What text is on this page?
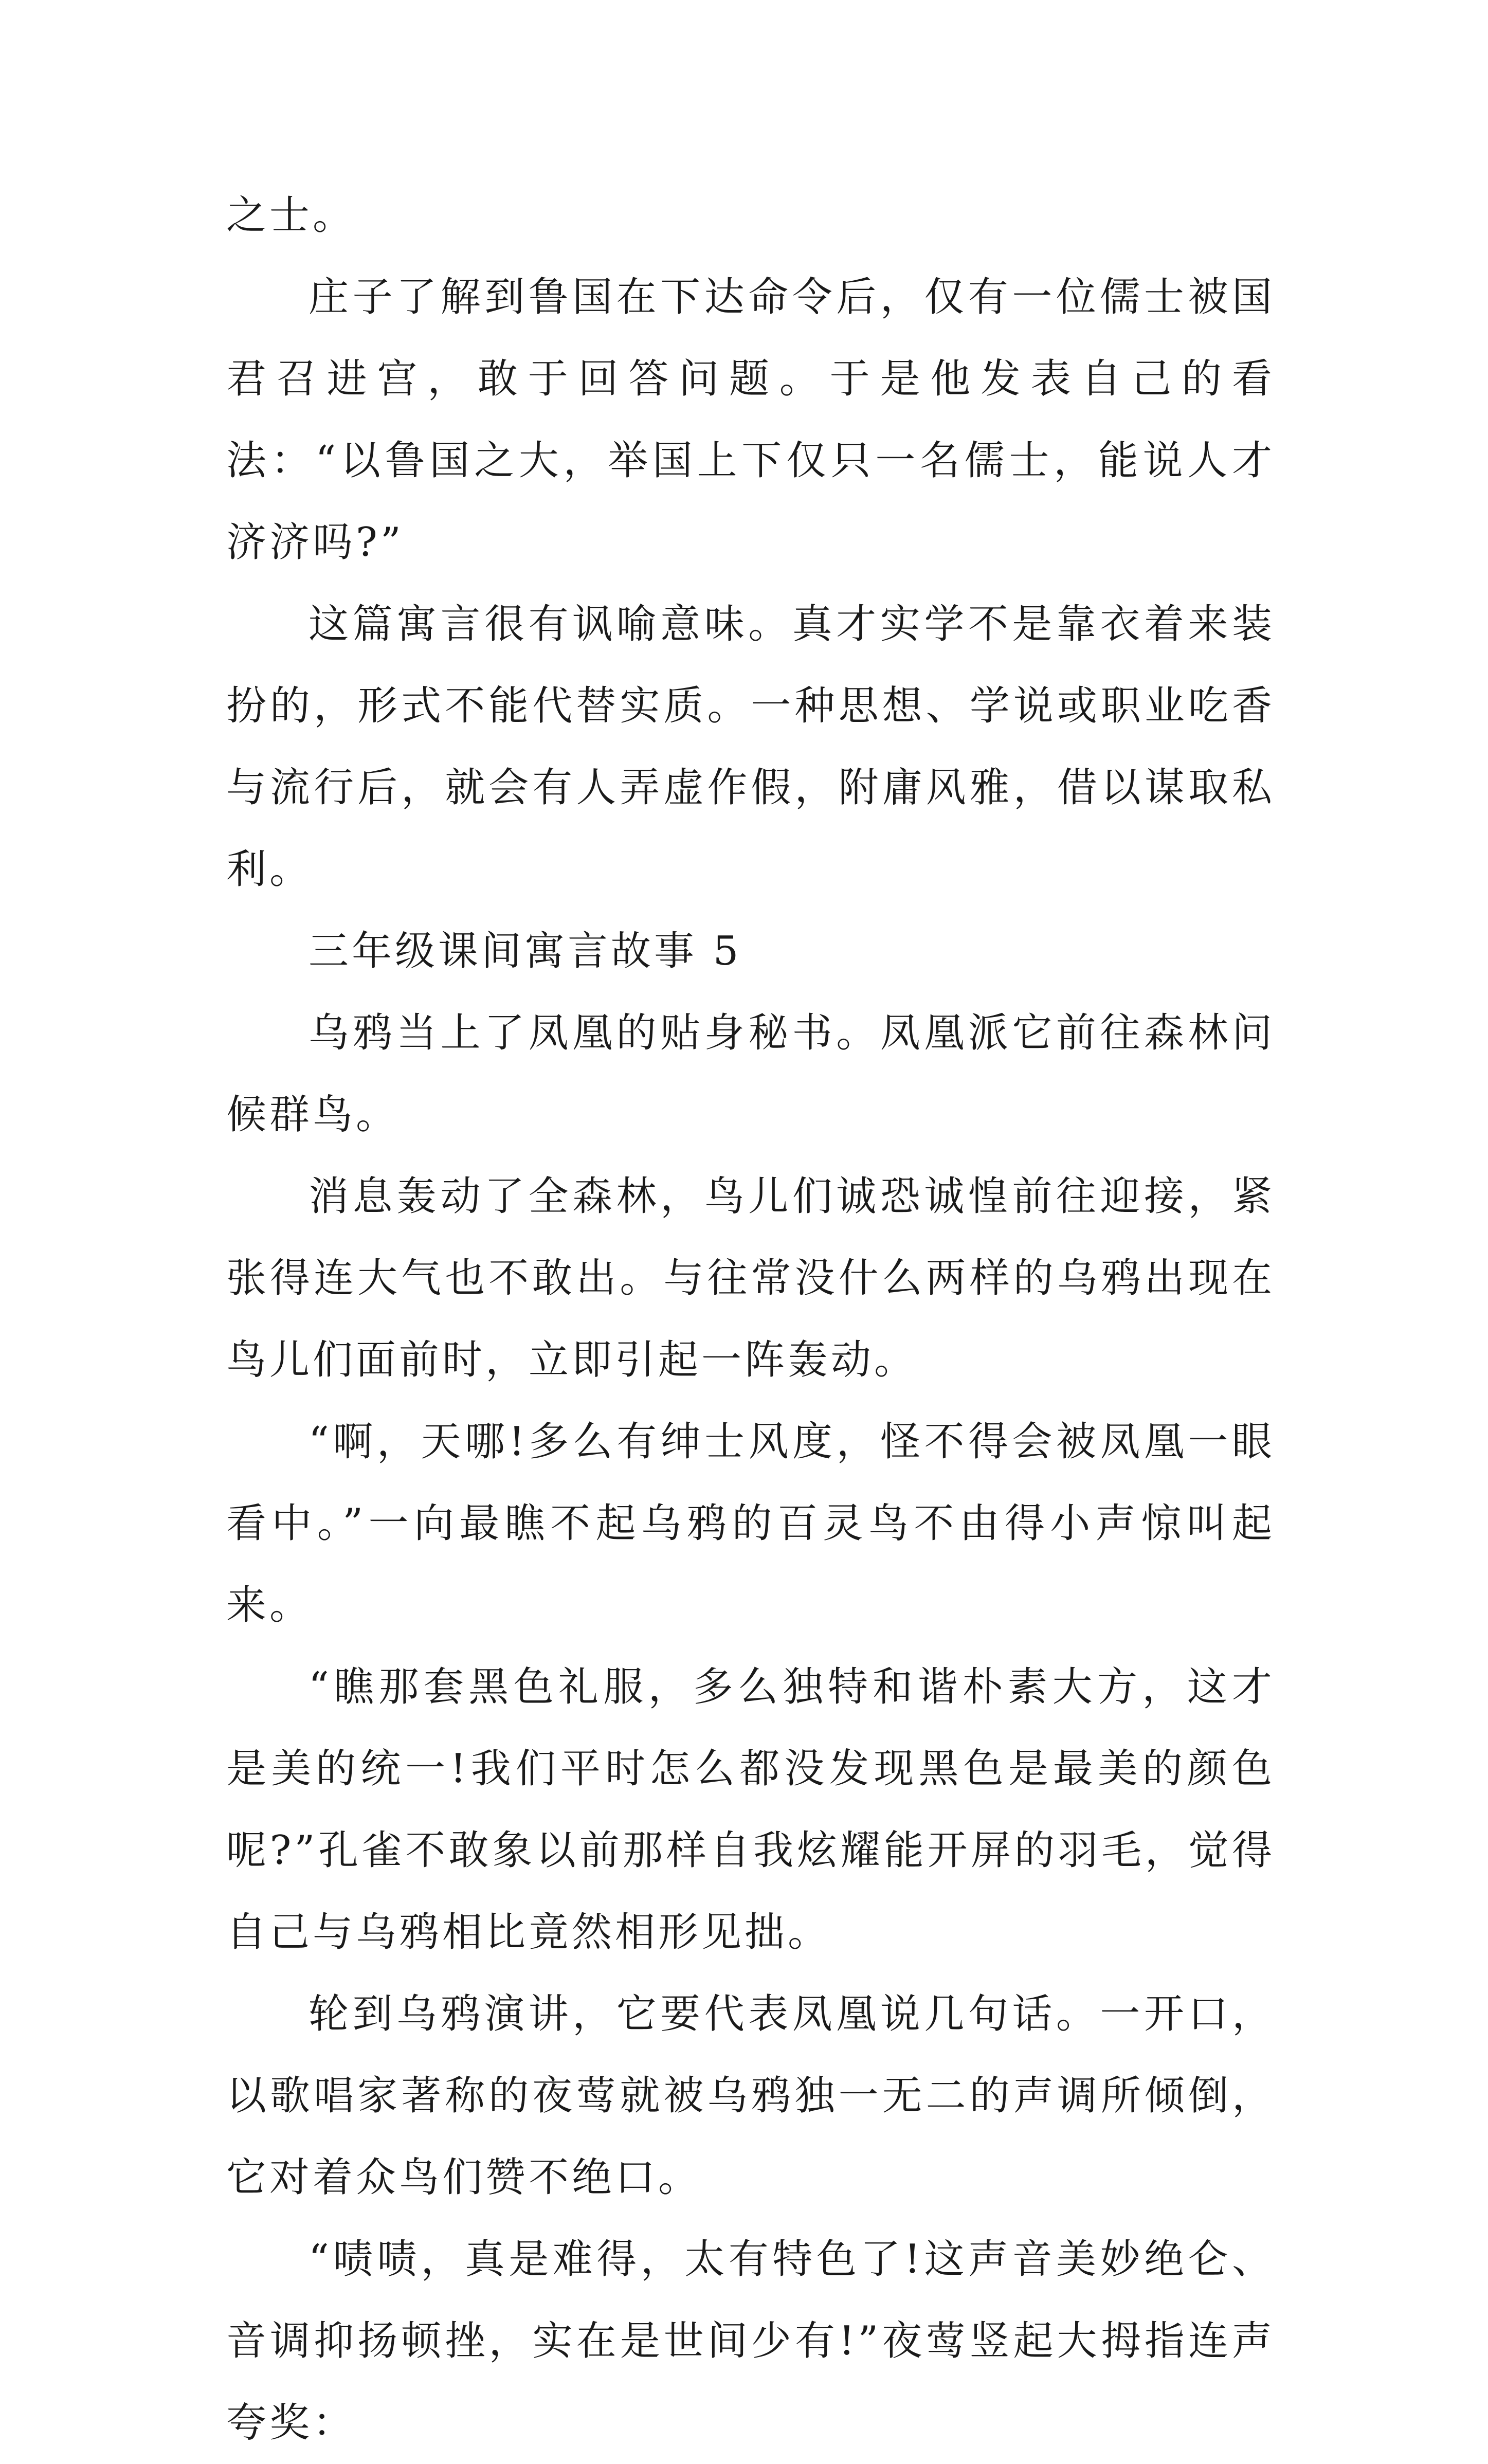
之士。

庄子了解到鲁国在下达命令后，仅有一位儒士被国君召进宫，敢于回答问题。于是他发表自己的看法：“以鲁国之大，举国上下仅只一名儒士，能说人才济济吗?”

这篇寓言很有讽喻意味。真才实学不是靠衣着来装扮的，形式不能代替实质。一种思想、学说或职业吃香与流行后，就会有人弄虚作假，附庸风雅，借以谋取私利。

三年级课间寓言故事 5

乌鸦当上了凤凰的贴身秘书。凤凰派它前往森林问候群鸟。

消息轰动了全森林，鸟儿们诚恐诚惶前往迎接，紧张得连大气也不敢出。与往常没什么两样的乌鸦出现在鸟儿们面前时，立即引起一阵轰动。

“啊，天哪!多么有绅士风度，怪不得会被凤凰一眼看中。”一向最瞧不起乌鸦的百灵鸟不由得小声惊叫起来。

“瞧那套黑色礼服，多么独特和谐朴素大方，这才是美的统一!我们平时怎么都没发现黑色是最美的颜色呢?”孔雀不敢象以前那样自我炫耀能开屏的羽毛，觉得自己与乌鸦相比竟然相形见拙。

轮到乌鸦演讲，它要代表凤凰说几句话。一开口，以歌唱家著称的夜莺就被乌鸦独一无二的声调所倾倒，它对着众鸟们赞不绝口。

“啧啧，真是难得，太有特色了!这声音美妙绝仑、音调抑扬顿挫，实在是世间少有!”夜莺竖起大拇指连声夸奖：
